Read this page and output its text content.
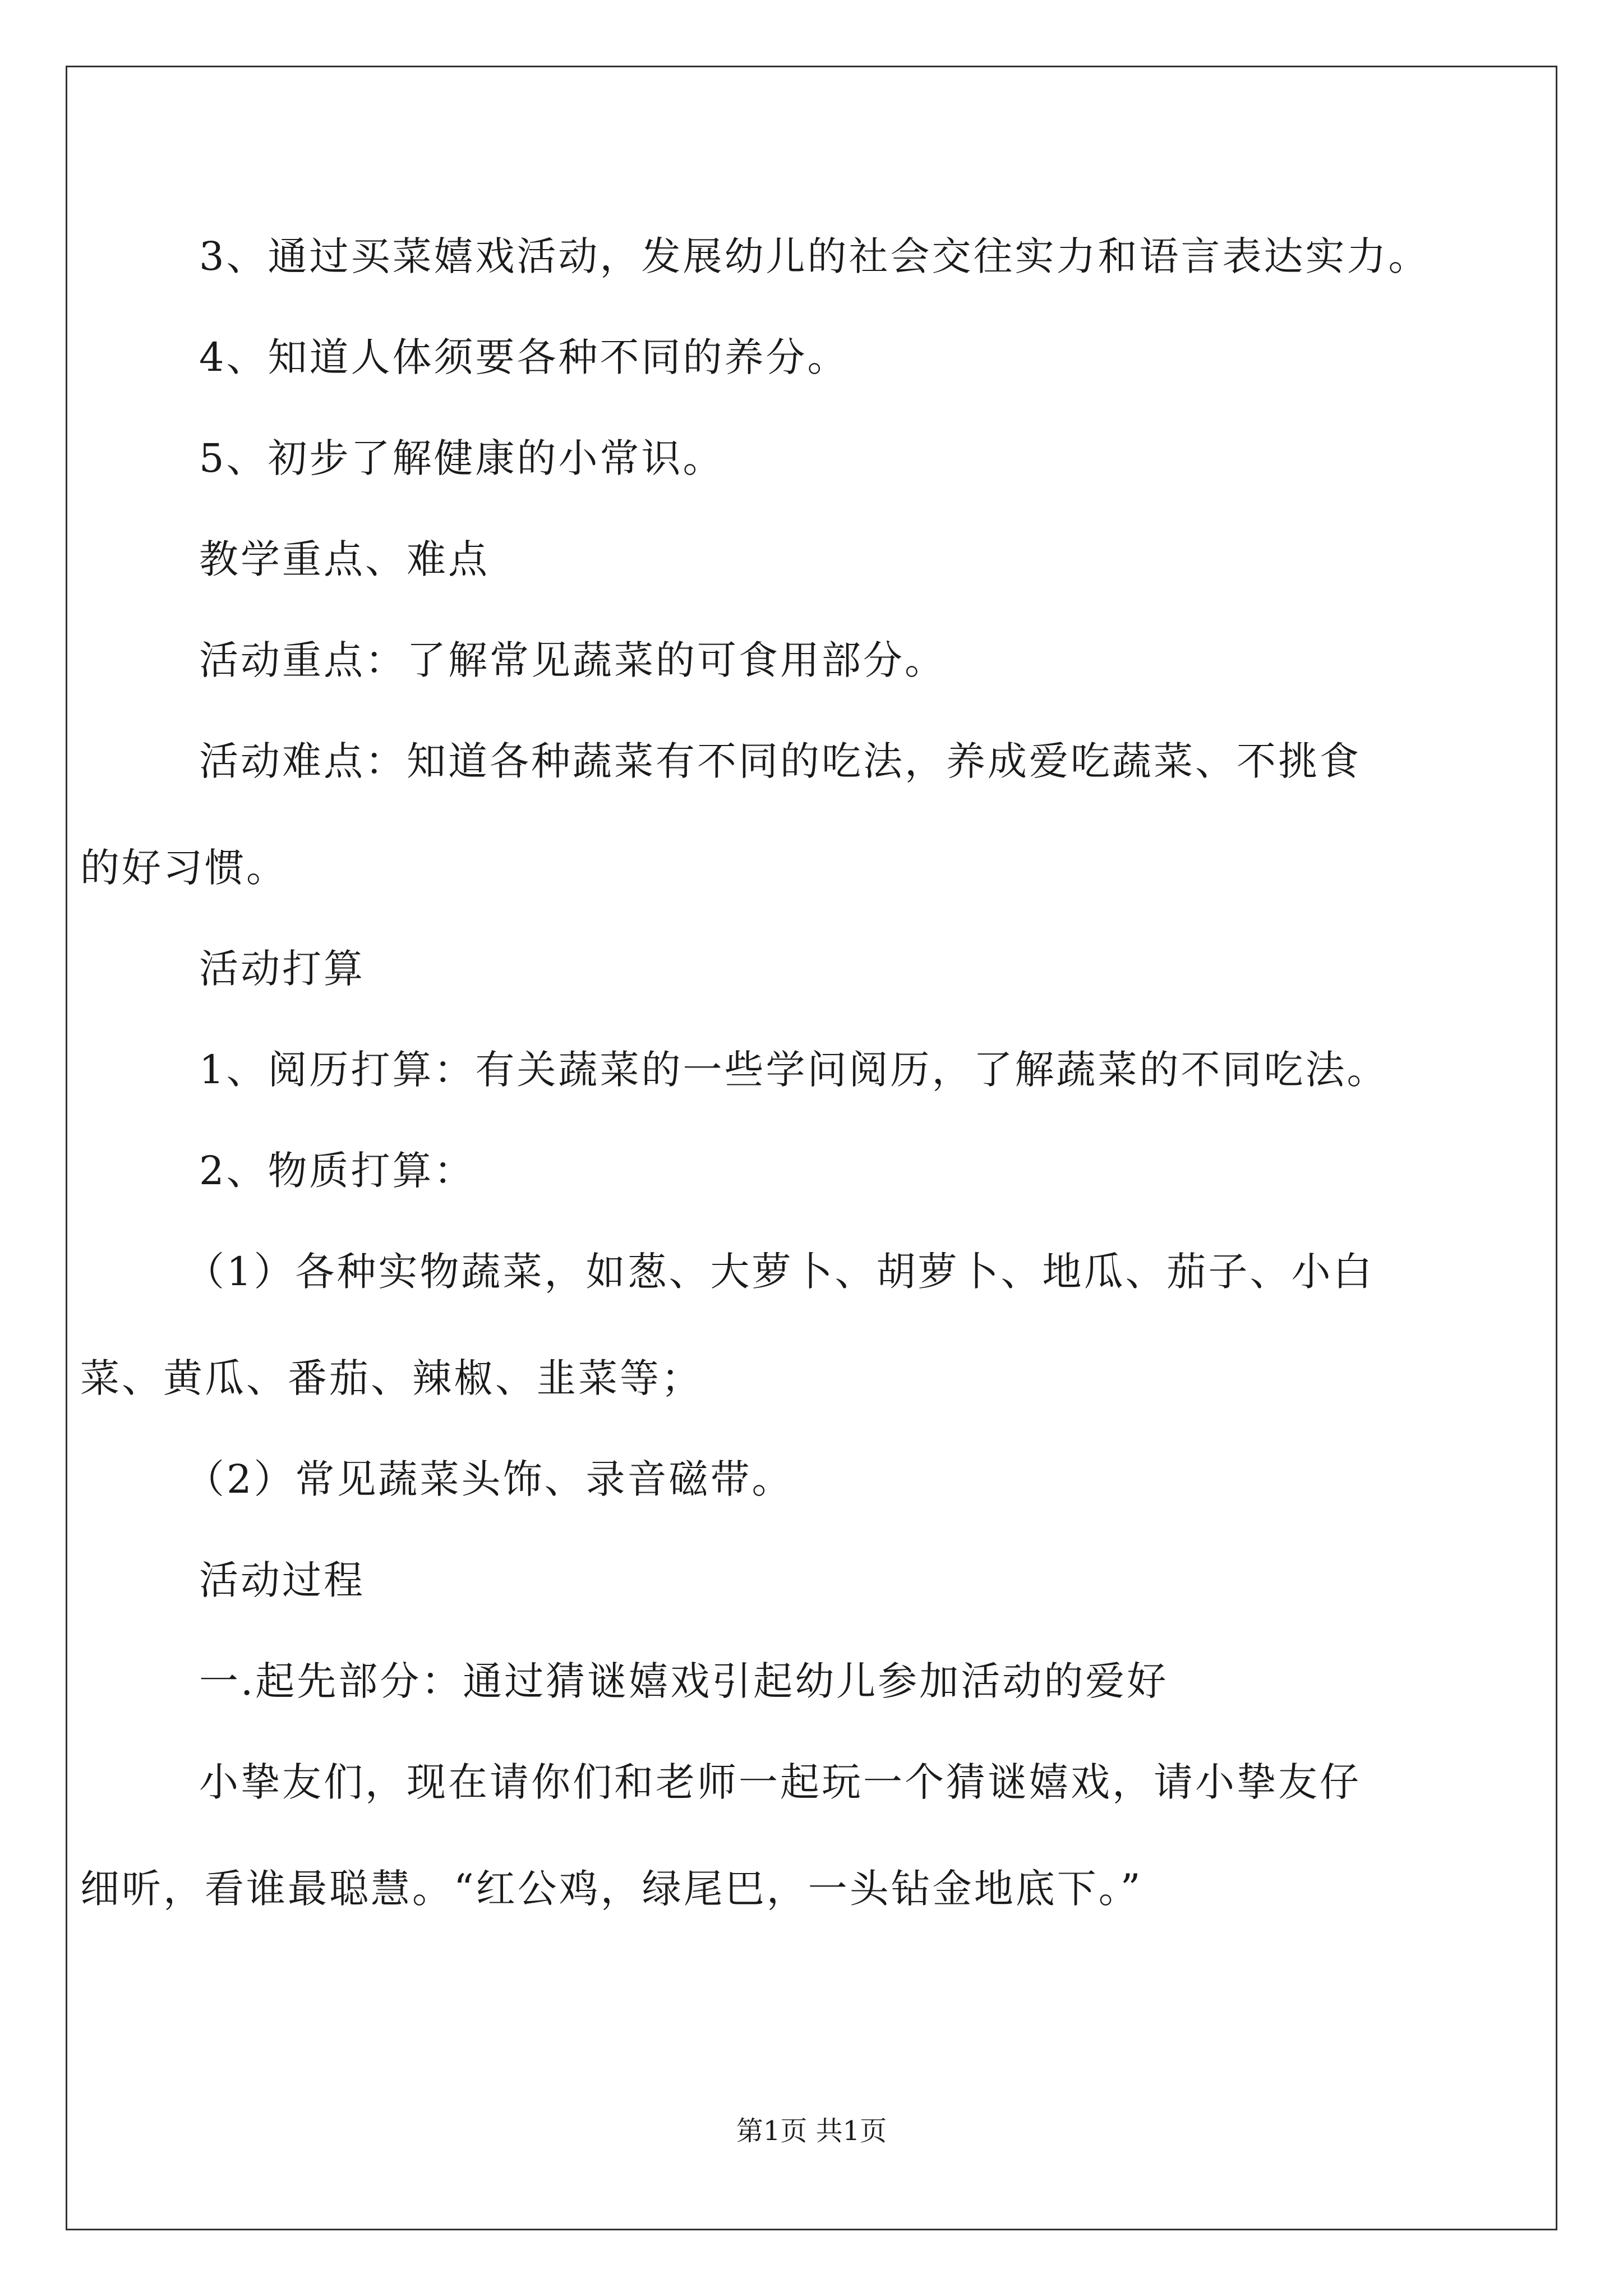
3、通过买菜嬉戏活动，发展幼儿的社会交往实力和语言表达实力。

4、知道人体须要各种不同的养分。

5、初步了解健康的小常识。

教学重点、难点

活动重点：了解常见蔬菜的可食用部分。

活动难点：知道各种蔬菜有不同的吃法，养成爱吃蔬菜、不挑食

的好习惯。

活动打算

1、阅历打算：有关蔬菜的一些学问阅历，了解蔬菜的不同吃法。

2、物质打算：

（1）各种实物蔬菜，如葱、大萝卜、胡萝卜、地瓜、茄子、小白

菜、黄瓜、番茄、辣椒、韭菜等；

（2）常见蔬菜头饰、录音磁带。

活动过程

一.起先部分：通过猜谜嬉戏引起幼儿参加活动的爱好

小挚友们，现在请你们和老师一起玩一个猜谜嬉戏，请小挚友仔

细听，看谁最聪慧。“红公鸡，绿尾巴，一头钻金地底下。”

第1页 共1页
